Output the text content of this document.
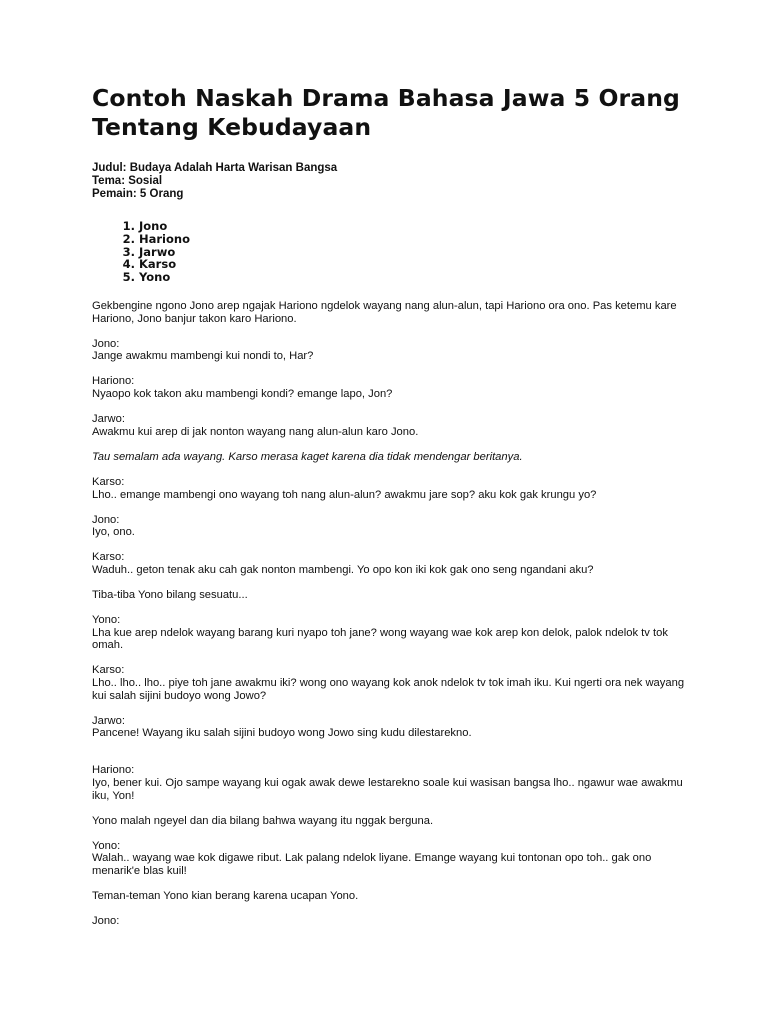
Contoh Naskah Drama Bahasa Jawa 5 Orang Tentang Kebudayaan
Judul: Budaya Adalah Harta Warisan Bangsa
Tema: Sosial
Pemain: 5 Orang
1. Jono
2. Hariono
3. Jarwo
4. Karso
5. Yono

Gekbengine ngono Jono arep ngajak Hariono ngdelok wayang nang alun-alun, tapi Hariono ora ono. Pas ketemu kare Hariono, Jono banjur takon karo Hariono.

Jono:
Jange awakmu mambengi kui nondi to, Har?

Hariono:
Nyaopo kok takon aku mambengi kondi? emange lapo, Jon?

Jarwo:
Awakmu kui arep di jak nonton wayang nang alun-alun karo Jono.

Tau semalam ada wayang. Karso merasa kaget karena dia tidak mendengar beritanya.

Karso:
Lho.. emange mambengi ono wayang toh nang alun-alun? awakmu jare sop? aku kok gak krungu yo?

Jono:
Iyo, ono.

Karso:
Waduh.. geton tenak aku cah gak nonton mambengi. Yo opo kon iki kok gak ono seng ngandani aku?

Tiba-tiba Yono bilang sesuatu...

Yono:
Lha kue arep ndelok wayang barang kuri nyapo toh jane? wong wayang wae kok arep kon delok, palok ndelok tv tok omah.

Karso:
Lho.. lho.. lho.. piye toh jane awakmu iki? wong ono wayang kok anok ndelok tv tok imah iku. Kui ngerti ora nek wayang kui salah sijini budoyo wong Jowo?

Jarwo:
Pancene! Wayang iku salah sijini budoyo wong Jowo sing kudu dilestarekno.

Hariono:
Iyo, bener kui. Ojo sampe wayang kui ogak awak dewe lestarekno soale kui wasisan bangsa lho.. ngawur wae awakmu iku, Yon!

Yono malah ngeyel dan dia bilang bahwa wayang itu nggak berguna.

Yono:
Walah.. wayang wae kok digawe ribut. Lak palang ndelok liyane. Emange wayang kui tontonan opo toh.. gak ono menarik'e blas kuil!

Teman-teman Yono kian berang karena ucapan Yono.

Jono:
